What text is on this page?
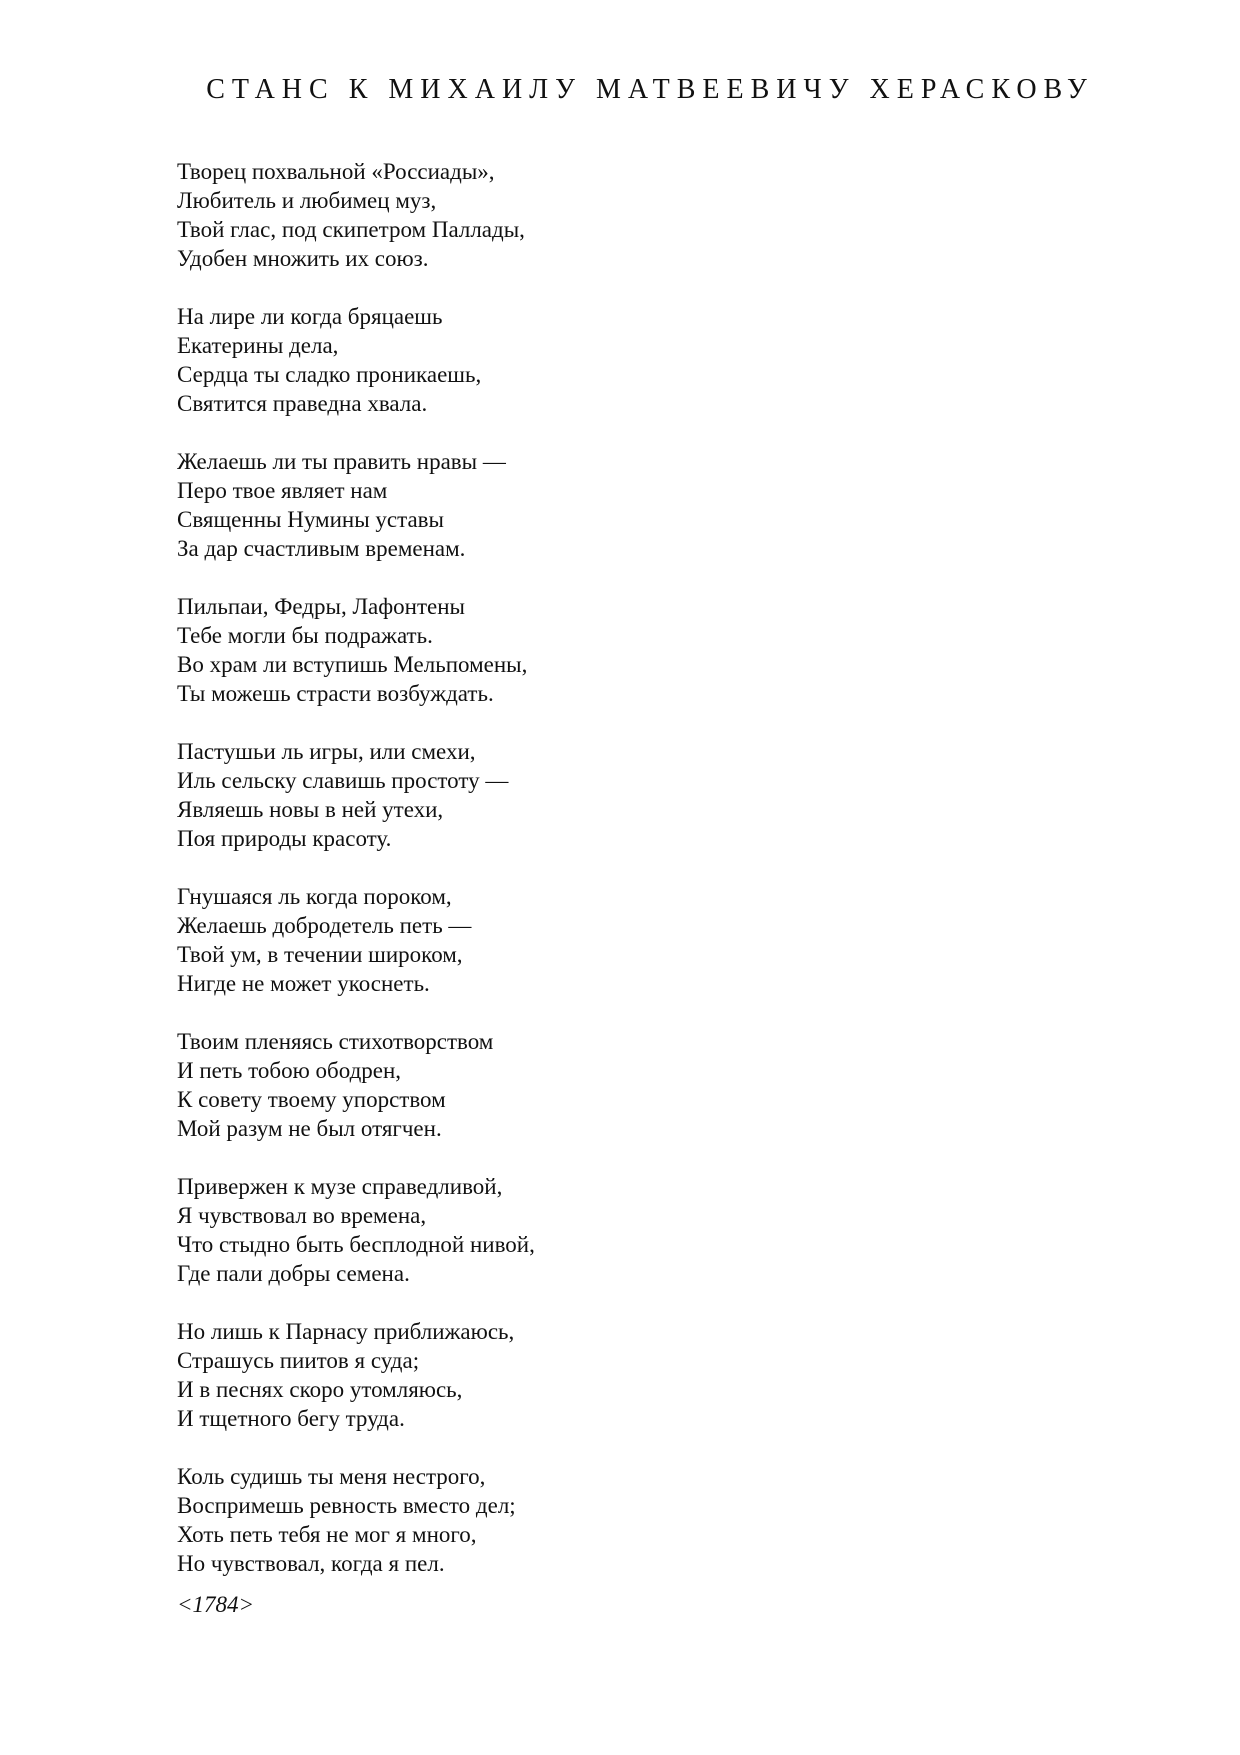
СТАНС К МИХАИЛУ МАТВЕЕВИЧУ ХЕРАСКОВУ
Творец похвальной «Россиады»,
Любитель и любимец муз,
Твой глас, под скипетром Паллады,
Удобен множить их союз.
На лире ли когда бряцаешь
Екатерины дела,
Сердца ты сладко проникаешь,
Святится праведна хвала.
Желаешь ли ты править нравы —
Перо твое являет нам
Священны Нумины уставы
За дар счастливым временам.
Пильпаи, Федры, Лафонтены
Тебе могли бы подражать.
Во храм ли вступишь Мельпомены,
Ты можешь страсти возбуждать.
Пастушьи ль игры, или смехи,
Иль сельску славишь простоту —
Являешь новы в ней утехи,
Поя природы красоту.
Гнушаяся ль когда пороком,
Желаешь добродетель петь —
Твой ум, в течении широком,
Нигде не может укоснеть.
Твоим пленяясь стихотворством
И петь тобою ободрен,
К совету твоему упорством
Мой разум не был отягчен.
Привержен к музе справедливой,
Я чувствовал во времена,
Что стыдно быть бесплодной нивой,
Где пали добры семена.
Но лишь к Парнасу приближаюсь,
Страшусь пиитов я суда;
И в песнях скоро утомляюсь,
И тщетного бегу труда.
Коль судишь ты меня нестрого,
Воспримешь ревность вместо дел;
Хоть петь тебя не мог я много,
Но чувствовал, когда я пел.
<1784>
